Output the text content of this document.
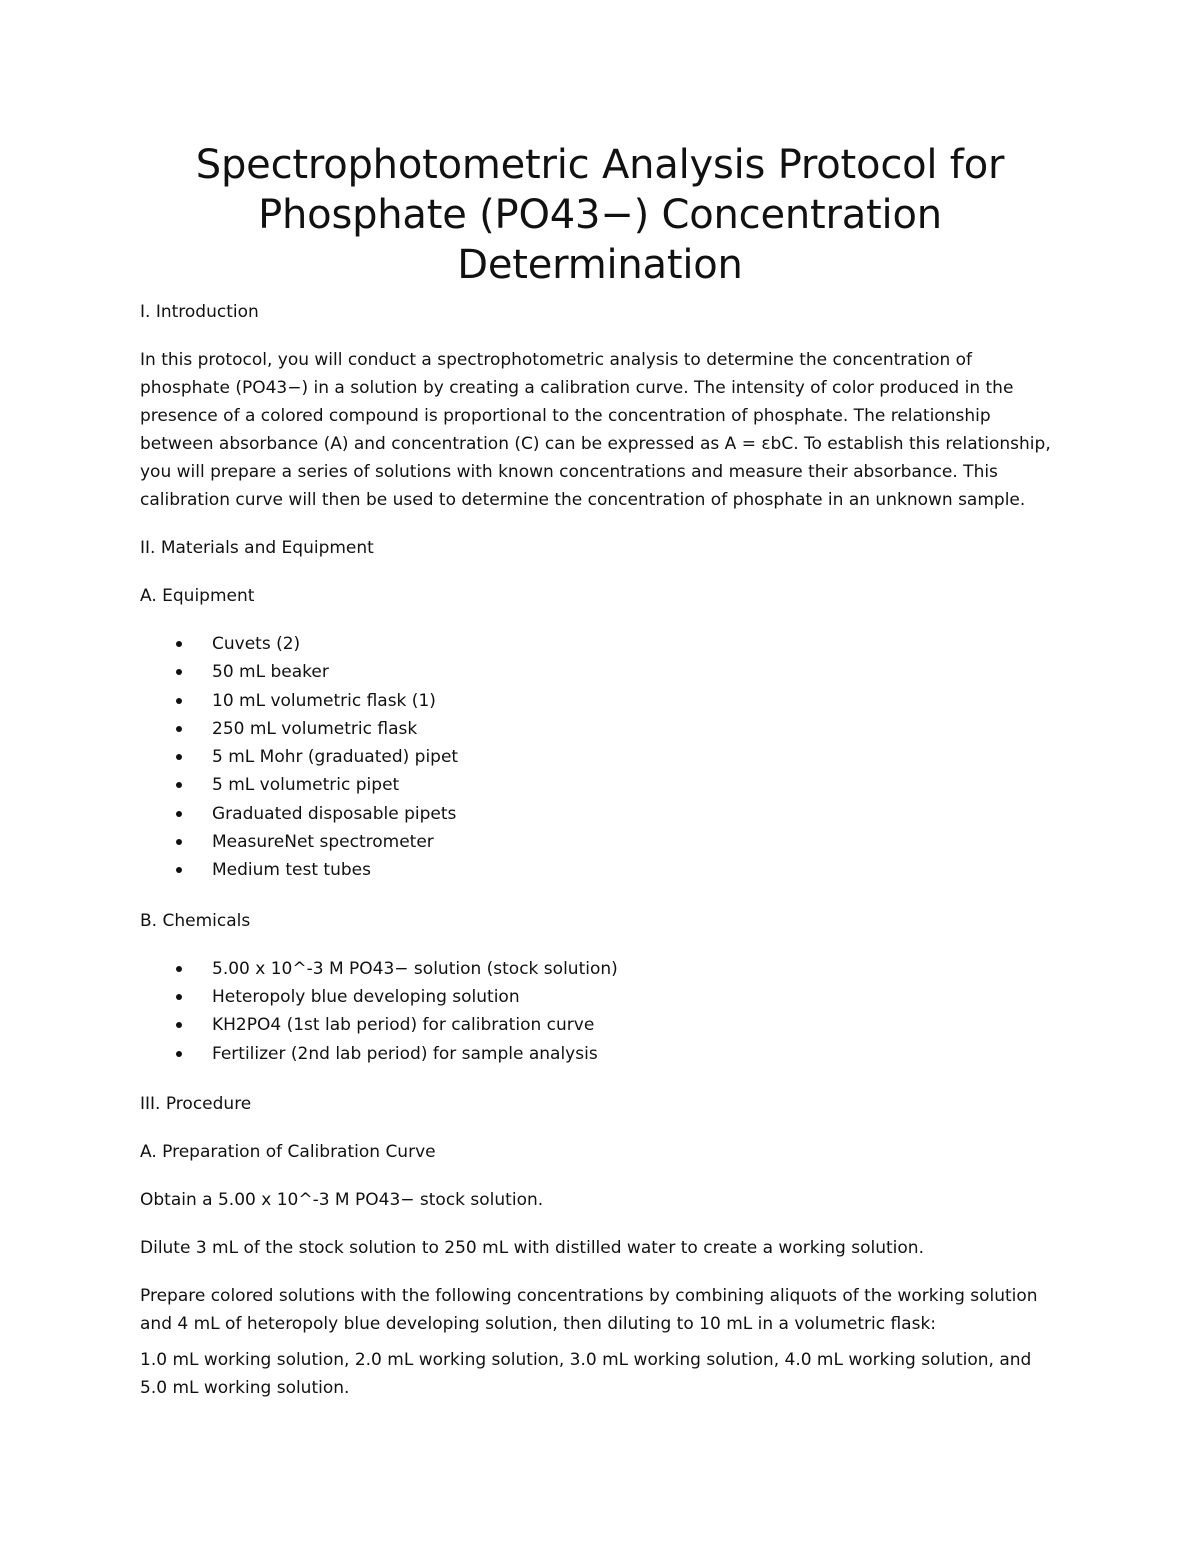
Spectrophotometric Analysis Protocol for
Phosphate (PO43−) Concentration
Determination

I. Introduction

In this protocol, you will conduct a spectrophotometric analysis to determine the concentration of phosphate (PO43−) in a solution by creating a calibration curve. The intensity of color produced in the presence of a colored compound is proportional to the concentration of phosphate. The relationship between absorbance (A) and concentration (C) can be expressed as A = εbC. To establish this relationship, you will prepare a series of solutions with known concentrations and measure their absorbance. This calibration curve will then be used to determine the concentration of phosphate in an unknown sample.

II. Materials and Equipment

A. Equipment

Cuvets (2)
50 mL beaker
10 mL volumetric flask (1)
250 mL volumetric flask
5 mL Mohr (graduated) pipet
5 mL volumetric pipet
Graduated disposable pipets
MeasureNet spectrometer
Medium test tubes

B. Chemicals

5.00 x 10^-3 M PO43− solution (stock solution)
Heteropoly blue developing solution
KH2PO4 (1st lab period) for calibration curve
Fertilizer (2nd lab period) for sample analysis

III. Procedure

A. Preparation of Calibration Curve

Obtain a 5.00 x 10^-3 M PO43− stock solution.

Dilute 3 mL of the stock solution to 250 mL with distilled water to create a working solution.

Prepare colored solutions with the following concentrations by combining aliquots of the working solution and 4 mL of heteropoly blue developing solution, then diluting to 10 mL in a volumetric flask:

1.0 mL working solution, 2.0 mL working solution, 3.0 mL working solution, 4.0 mL working solution, and 5.0 mL working solution.
